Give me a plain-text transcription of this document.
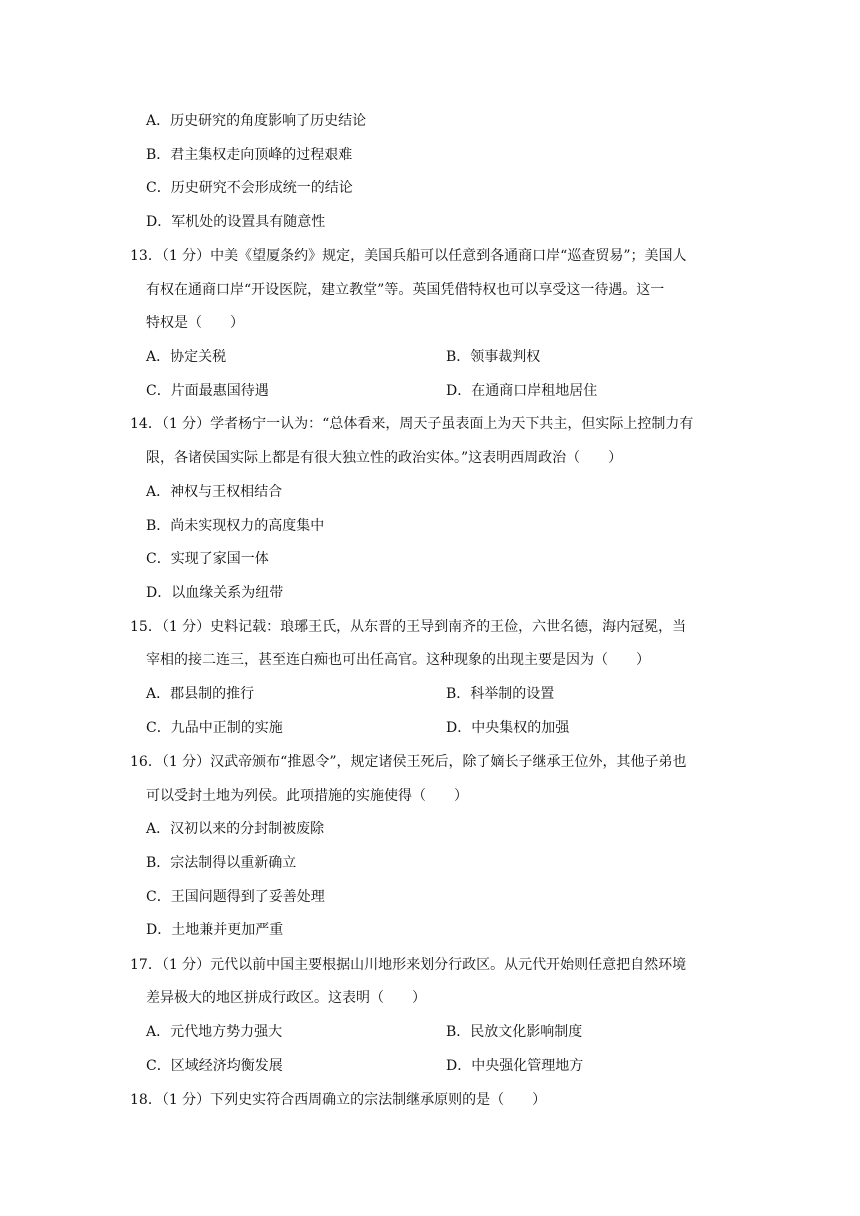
A．历史研究的角度影响了历史结论
B．君主集权走向顶峰的过程艰难
C．历史研究不会形成统一的结论
D．军机处的设置具有随意性
13．（1 分）中美《望厦条约》规定，美国兵船可以任意到各通商口岸“巡查贸易”；美国人
有权在通商口岸“开设医院，建立教堂”等。英国凭借特权也可以享受这一待遇。这一
特权是（　　）
A．协定关税	B．领事裁判权
C．片面最惠国待遇	D．在通商口岸租地居住
14．（1 分）学者杨宁一认为：“总体看来，周天子虽表面上为天下共主，但实际上控制力有
限，各诸侯国实际上都是有很大独立性的政治实体。”这表明西周政治（　　）
A．神权与王权相结合
B．尚未实现权力的高度集中
C．实现了家国一体
D．以血缘关系为纽带
15．（1 分）史料记载：琅琊王氏，从东晋的王导到南齐的王俭，六世名德，海内冠冕，当
宰相的接二连三，甚至连白痴也可出任高官。这种现象的出现主要是因为（　　）
A．郡县制的推行	B．科举制的设置
C．九品中正制的实施	D．中央集权的加强
16．（1 分）汉武帝颁布“推恩令”，规定诸侯王死后，除了嫡长子继承王位外，其他子弟也
可以受封土地为列侯。此项措施的实施使得（　　）
A．汉初以来的分封制被废除
B．宗法制得以重新确立
C．王国问题得到了妥善处理
D．土地兼并更加严重
17．（1 分）元代以前中国主要根据山川地形来划分行政区。从元代开始则任意把自然环境
差异极大的地区拼成行政区。这表明（　　）
A．元代地方势力强大	B．民放文化影响制度
C．区域经济均衡发展	D．中央强化管理地方
18．（1 分）下列史实符合西周确立的宗法制继承原则的是（　　）
